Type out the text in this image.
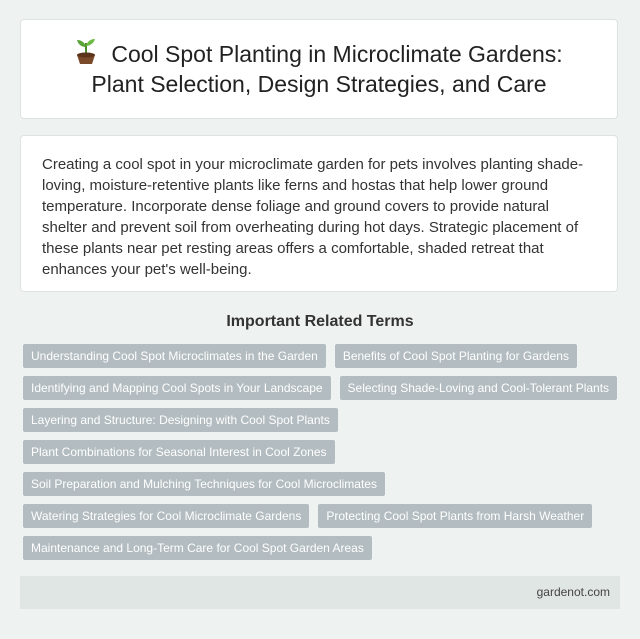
Cool Spot Planting in Microclimate Gardens:
Plant Selection, Design Strategies, and Care

Creating a cool spot in your microclimate garden for pets involves planting shade-loving, moisture-retentive plants like ferns and hostas that help lower ground temperature. Incorporate dense foliage and ground covers to provide natural shelter and prevent soil from overheating during hot days. Strategic placement of these plants near pet resting areas offers a comfortable, shaded retreat that enhances your pet's well-being.

Important Related Terms
Understanding Cool Spot Microclimates in the Garden	Benefits of Cool Spot Planting for Gardens
Identifying and Mapping Cool Spots in Your Landscape	Selecting Shade-Loving and Cool-Tolerant Plants
Layering and Structure: Designing with Cool Spot Plants
Plant Combinations for Seasonal Interest in Cool Zones
Soil Preparation and Mulching Techniques for Cool Microclimates
Watering Strategies for Cool Microclimate Gardens	Protecting Cool Spot Plants from Harsh Weather
Maintenance and Long-Term Care for Cool Spot Garden Areas
gardenot.com
